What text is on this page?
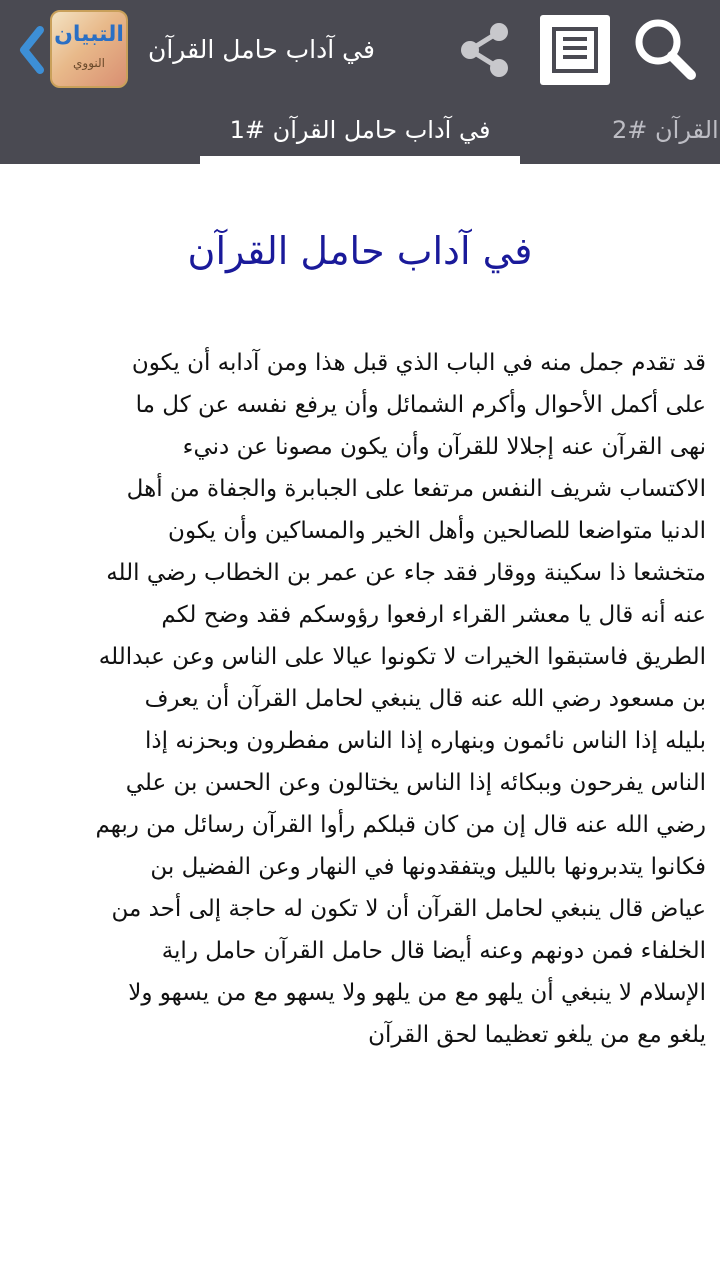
التبيان
النووي	في آداب حامل القرآن
في آداب حامل القرآن #1	القرآن #2
في آداب حامل القرآن
قد تقدم جمل منه في الباب الذي قبل هذا ومن آدابه أن يكون
على أكمل الأحوال وأكرم الشمائل وأن يرفع نفسه عن كل ما
نهى القرآن عنه إجلالا للقرآن وأن يكون مصونا عن دنيء
الاكتساب شريف النفس مرتفعا على الجبابرة والجفاة من أهل
الدنيا متواضعا للصالحين وأهل الخير والمساكين وأن يكون
متخشعا ذا سكينة ووقار فقد جاء عن عمر بن الخطاب رضي الله
عنه أنه قال يا معشر القراء ارفعوا رؤوسكم فقد وضح لكم
الطريق فاستبقوا الخيرات لا تكونوا عيالا على الناس وعن عبدالله
بن مسعود رضي الله عنه قال ينبغي لحامل القرآن أن يعرف
بليله إذا الناس نائمون وبنهاره إذا الناس مفطرون وبحزنه إذا
الناس يفرحون وببكائه إذا الناس يختالون وعن الحسن بن علي
رضي الله عنه قال إن من كان قبلكم رأوا القرآن رسائل من ربهم
فكانوا يتدبرونها بالليل ويتفقدونها في النهار وعن الفضيل بن
عياض قال ينبغي لحامل القرآن أن لا تكون له حاجة إلى أحد من
الخلفاء فمن دونهم وعنه أيضا قال حامل القرآن حامل راية
الإسلام لا ينبغي أن يلهو مع من يلهو ولا يسهو مع من يسهو ولا
يلغو مع من يلغو تعظيما لحق القرآن
